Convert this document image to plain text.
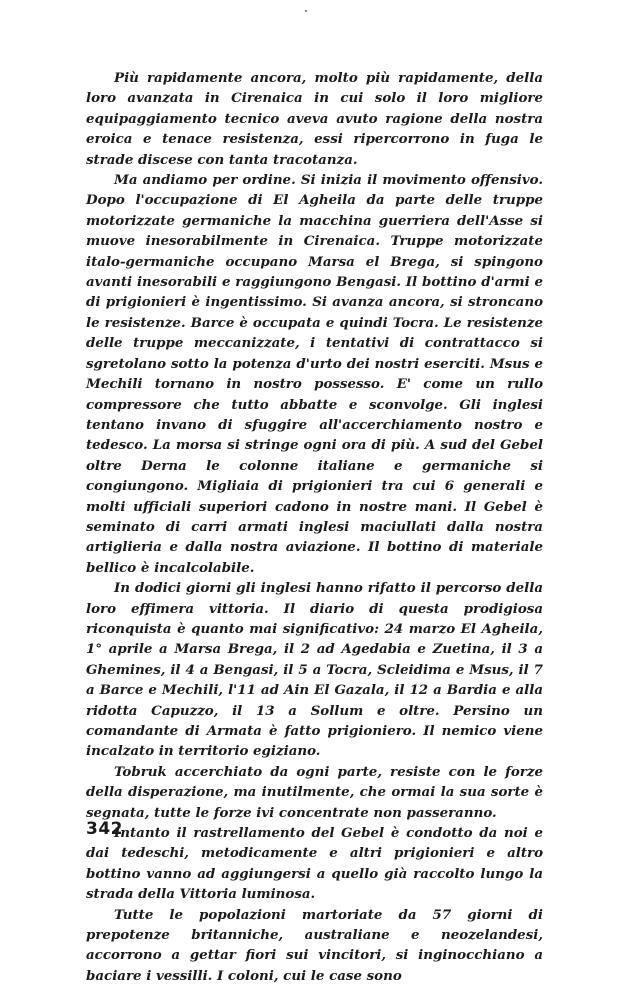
Più rapidamente ancora, molto più rapidamente, della loro avanzata in Cirenaica in cui solo il loro migliore equipaggiamento tecnico aveva avuto ragione della nostra eroica e tenace resistenza, essi ripercorrono in fuga le strade discese con tanta tracotanza.

Ma andiamo per ordine. Si inizia il movimento offensivo. Dopo l'occupazione di El Agheila da parte delle truppe motorizzate germaniche la macchina guerriera dell'Asse si muove inesorabilmente in Cirenaica. Truppe motorizzate italo-germaniche occupano Marsa el Brega, si spingono avanti inesorabili e raggiungono Bengasi. Il bottino d'armi e di prigionieri è ingentissimo. Si avanza ancora, si stroncano le resistenze. Barce è occupata e quindi Tocra. Le resistenze delle truppe meccanizzate, i tentativi di contrattacco si sgretolano sotto la potenza d'urto dei nostri eserciti. Msus e Mechili tornano in nostro possesso. E' come un rullo compressore che tutto abbatte e sconvolge. Gli inglesi tentano invano di sfuggire all'accerchiamento nostro e tedesco. La morsa si stringe ogni ora di più. A sud del Gebel oltre Derna le colonne italiane e germaniche si congiungono. Migliaia di prigionieri tra cui 6 generali e molti ufficiali superiori cadono in nostre mani. Il Gebel è seminato di carri armati inglesi maciullati dalla nostra artiglieria e dalla nostra aviazione. Il bottino di materiale bellico è incalcolabile.

In dodici giorni gli inglesi hanno rifatto il percorso della loro effimera vittoria. Il diario di questa prodigiosa riconquista è quanto mai significativo: 24 marzo El Agheila, 1° aprile a Marsa Brega, il 2 ad Agedabia e Zuetina, il 3 a Ghemines, il 4 a Bengasi, il 5 a Tocra, Scleidima e Msus, il 7 a Barce e Mechili, l'11 ad Ain El Gazala, il 12 a Bardia e alla ridotta Capuzzo, il 13 a Sollum e oltre. Persino un comandante di Armata è fatto prigioniero. Il nemico viene incalzato in territorio egiziano.

Tobruk accerchiato da ogni parte, resiste con le forze della disperazione, ma inutilmente, che ormai la sua sorte è segnata, tutte le forze ivi concentrate non passeranno.

Intanto il rastrellamento del Gebel è condotto da noi e dai tedeschi, metodicamente e altri prigionieri e altro bottino vanno ad aggiungersi a quello già raccolto lungo la strada della Vittoria luminosa.

Tutte le popolazioni martoriate da 57 giorni di prepotenze britanniche, australiane e neozelandesi, accorrono a gettar fiori sui vincitori, si inginocchiano a baciare i vessilli. I coloni, cui le case sono

342
